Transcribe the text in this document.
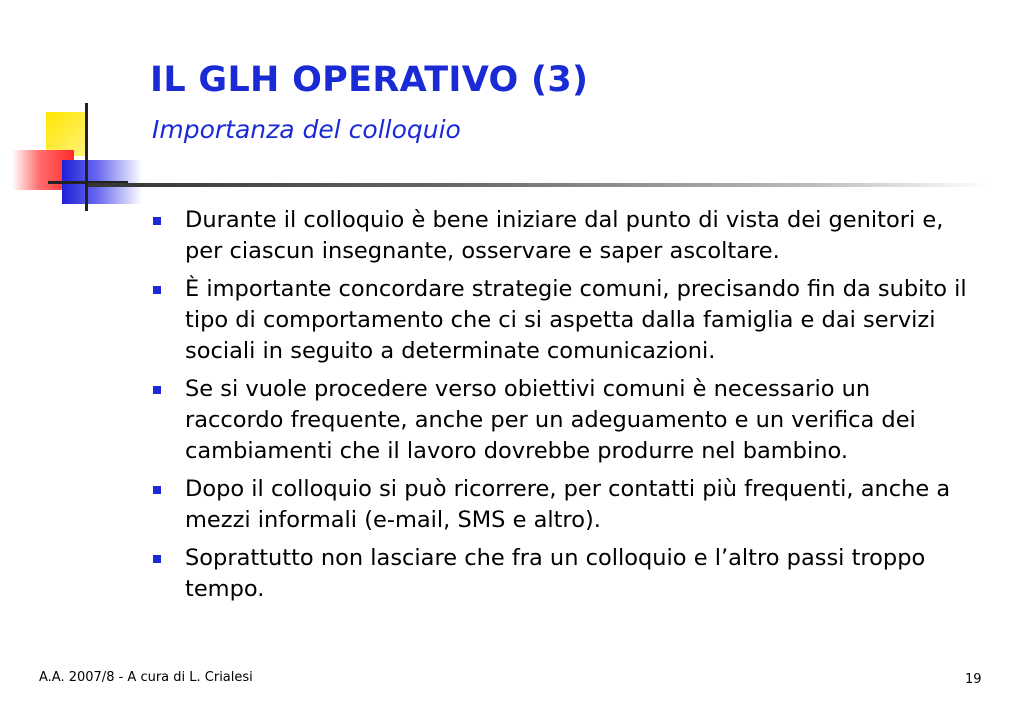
IL GLH OPERATIVO (3)
Importanza del colloquio
Durante il colloquio è bene iniziare dal punto di vista dei genitori e, per ciascun insegnante, osservare e saper ascoltare.
È importante concordare strategie comuni, precisando fin da subito il tipo di comportamento che ci si aspetta dalla famiglia e dai servizi sociali in seguito a determinate comunicazioni.
Se si vuole procedere verso obiettivi comuni è necessario un raccordo frequente, anche per un adeguamento e un verifica dei cambiamenti che il lavoro dovrebbe produrre nel bambino.
Dopo il colloquio si può ricorrere, per contatti più frequenti, anche a mezzi informali (e-mail, SMS e altro).
Soprattutto non lasciare che fra un colloquio e l’altro passi troppo tempo.
A.A. 2007/8 - A cura di L. Crialesi	19
